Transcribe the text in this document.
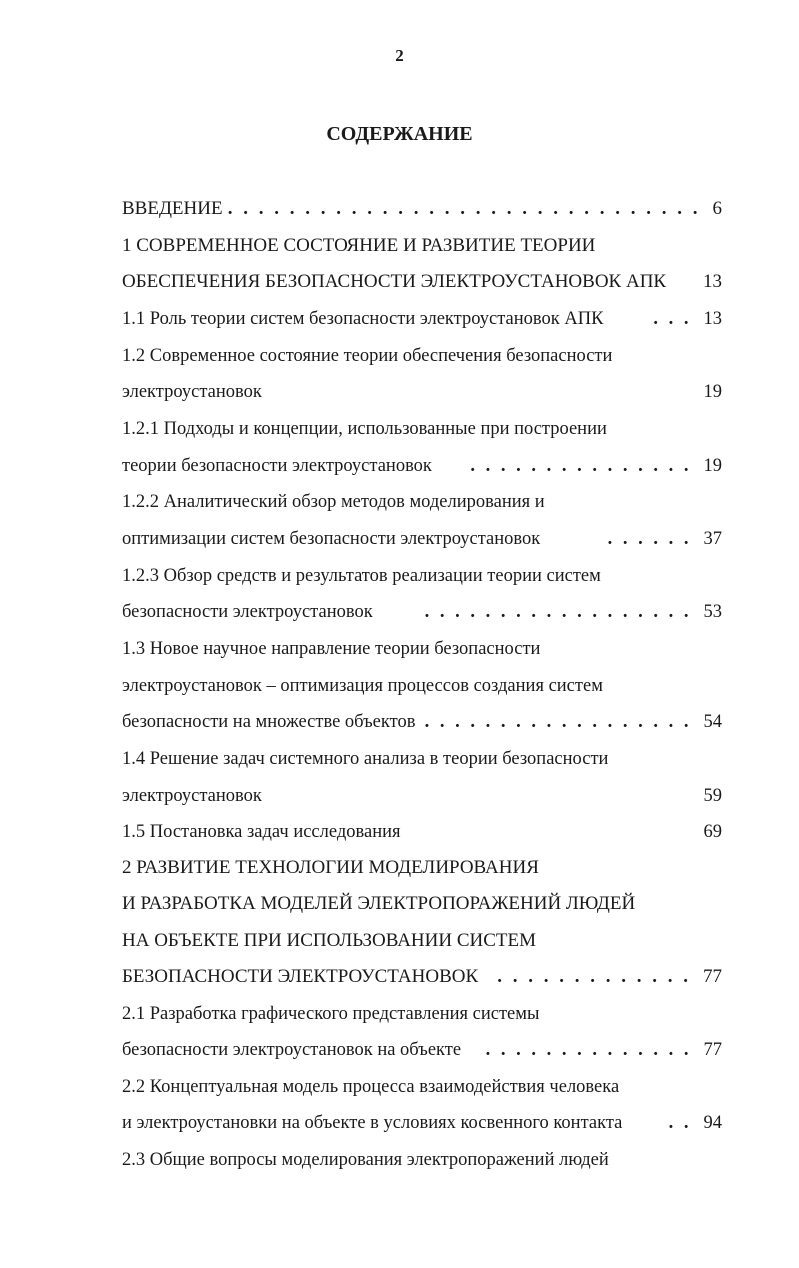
2
СОДЕРЖАНИЕ
ВВЕДЕНИЕ	6
. . . . . . . . . . . . . . . . . . . . . . . . . . . . . . .
1 СОВРЕМЕННОЕ СОСТОЯНИЕ И РАЗВИТИЕ ТЕОРИИ
ОБЕСПЕЧЕНИЯ БЕЗОПАСНОСТИ ЭЛЕКТРОУСТАНОВОК АПК 13
1.1 Роль теории систем безопасности электроустановок АПК	13
. . .
1.2 Современное состояние теории обеспечения безопасности
электроустановок	19
1.2.1 Подходы и концепции, использованные при построении
теории безопасности электроустановок	19
. . . . . . . . . . . . . . .
1.2.2 Аналитический обзор методов моделирования и
оптимизации систем безопасности электроустановок	37
. . . . . .
1.2.3 Обзор средств и результатов реализации теории систем
безопасности электроустановок	53
. . . . . . . . . . . . . . . . . .
1.3 Новое научное направление теории безопасности
электроустановок – оптимизация процессов создания систем
безопасности на множестве объектов	54
. . . . . . . . . . . . . . . . . .
1.4 Решение задач системного анализа в теории безопасности
электроустановок	59
1.5 Постановка задач исследования	69
2 РАЗВИТИЕ ТЕХНОЛОГИИ МОДЕЛИРОВАНИЯ
И РАЗРАБОТКА МОДЕЛЕЙ ЭЛЕКТРОПОРАЖЕНИЙ ЛЮДЕЙ
НА ОБЪЕКТЕ ПРИ ИСПОЛЬЗОВАНИИ СИСТЕМ
БЕЗОПАСНОСТИ ЭЛЕКТРОУСТАНОВОК	77
. . . . . . . . . . . . .
2.1 Разработка графического представления системы
безопасности электроустановок на объекте	77
. . . . . . . . . . . . . .
2.2 Концептуальная модель процесса взаимодействия человека
и электроустановки на объекте в условиях косвенного контакта	94
. .
2.3 Общие вопросы моделирования электропоражений людей
